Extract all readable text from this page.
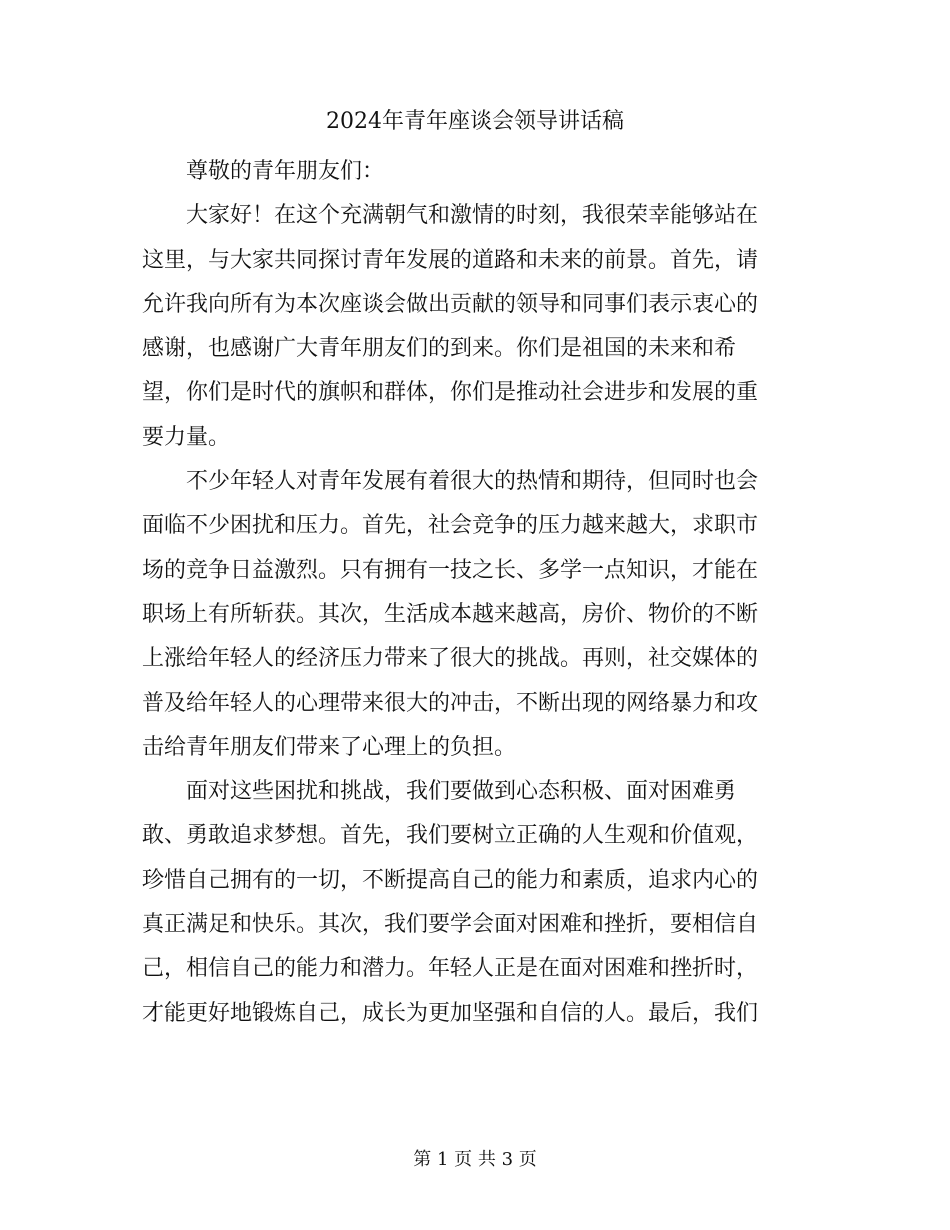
2024年青年座谈会领导讲话稿

尊敬的青年朋友们：

大家好！在这个充满朝气和激情的时刻，我很荣幸能够站在
这里，与大家共同探讨青年发展的道路和未来的前景。首先，请
允许我向所有为本次座谈会做出贡献的领导和同事们表示衷心的
感谢，也感谢广大青年朋友们的到来。你们是祖国的未来和希
望，你们是时代的旗帜和群体，你们是推动社会进步和发展的重
要力量。

不少年轻人对青年发展有着很大的热情和期待，但同时也会
面临不少困扰和压力。首先，社会竞争的压力越来越大，求职市
场的竞争日益激烈。只有拥有一技之长、多学一点知识，才能在
职场上有所斩获。其次，生活成本越来越高，房价、物价的不断
上涨给年轻人的经济压力带来了很大的挑战。再则，社交媒体的
普及给年轻人的心理带来很大的冲击，不断出现的网络暴力和攻
击给青年朋友们带来了心理上的负担。

面对这些困扰和挑战，我们要做到心态积极、面对困难勇
敢、勇敢追求梦想。首先，我们要树立正确的人生观和价值观，
珍惜自己拥有的一切，不断提高自己的能力和素质，追求内心的
真正满足和快乐。其次，我们要学会面对困难和挫折，要相信自
己，相信自己的能力和潜力。年轻人正是在面对困难和挫折时，
才能更好地锻炼自己，成长为更加坚强和自信的人。最后，我们

第 1 页 共 3 页
